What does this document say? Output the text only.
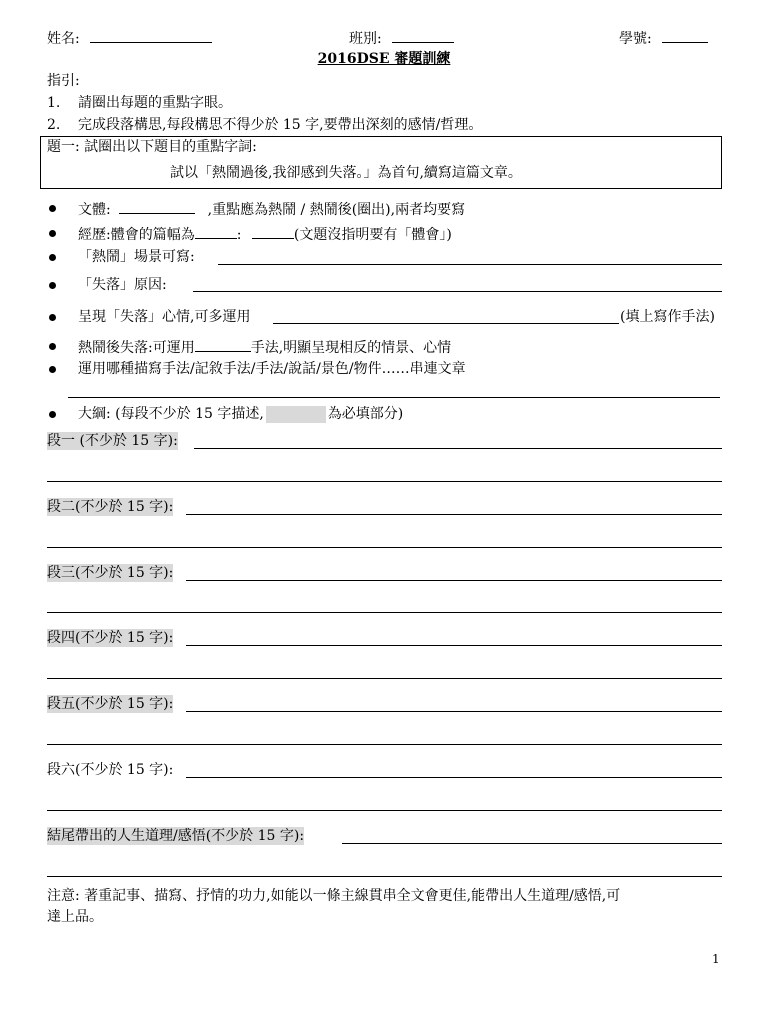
姓名:	班別:	學號:
2016DSE 審題訓練
指引:
1. 請圈出每題的重點字眼。
2. 完成段落構思,每段構思不得少於 15 字,要帶出深刻的感情/哲理。
題一: 試圈出以下題目的重點字詞:
試以「熱鬧過後,我卻感到失落。」為首句,續寫這篇文章。
文體:	,重點應為熱鬧 / 熱鬧後(圈出),兩者均要寫
經歷:體會的篇幅為	:	(文題沒指明要有「體會」)
「熱鬧」場景可寫:
「失落」原因:
呈現「失落」心情,可多運用	(填上寫作手法)
熱鬧後失落:可運用	手法,明顯呈現相反的情景、心情
運用哪種描寫手法/記敘手法/手法/說話/景色/物件……串連文章
大綱: (每段不少於 15 字描述,	為必填部分)
段一 (不少於 15 字):
段二(不少於 15 字):
段三(不少於 15 字):
段四(不少於 15 字):
段五(不少於 15 字):
段六(不少於 15 字):
結尾帶出的人生道理/感悟(不少於 15 字):
注意: 著重記事、描寫、抒情的功力,如能以一條主線貫串全文會更佳,能帶出人生道理/感悟,可
達上品。
1
